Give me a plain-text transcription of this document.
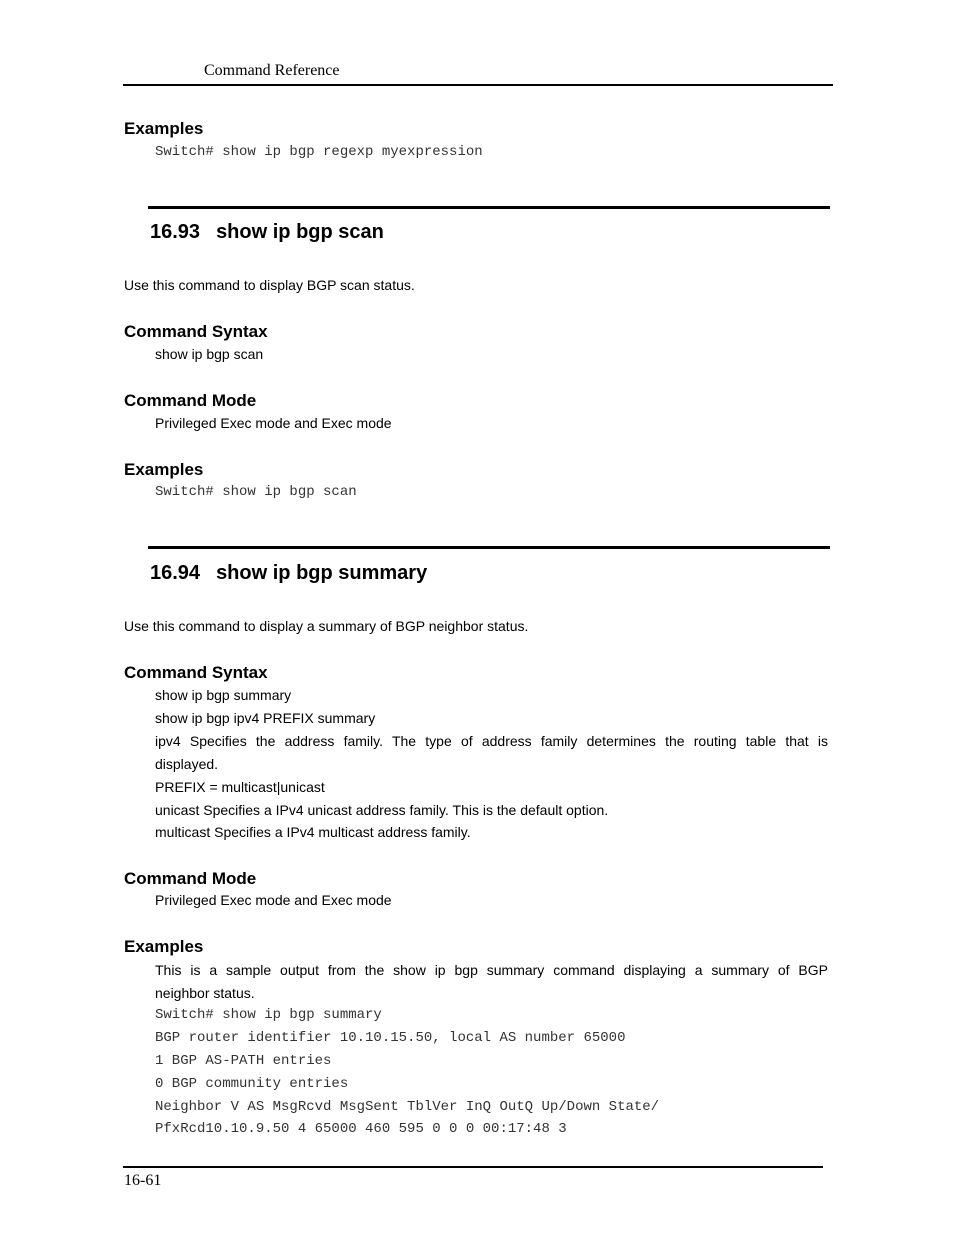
Command Reference
Examples
Switch# show ip bgp regexp myexpression
16.93 show ip bgp scan
Use this command to display BGP scan status.
Command Syntax
show ip bgp scan
Command Mode
Privileged Exec mode and Exec mode
Examples
Switch# show ip bgp scan
16.94 show ip bgp summary
Use this command to display a summary of BGP neighbor status.
Command Syntax
show ip bgp summary
show ip bgp ipv4 PREFIX summary
ipv4 Specifies the address family. The type of address family determines the routing table that is
displayed.
PREFIX = multicast|unicast
unicast Specifies a IPv4 unicast address family. This is the default option.
multicast Specifies a IPv4 multicast address family.
Command Mode
Privileged Exec mode and Exec mode
Examples
This is a sample output from the show ip bgp summary command displaying a summary of BGP
neighbor status.
Switch# show ip bgp summary
BGP router identifier 10.10.15.50, local AS number 65000
1 BGP AS-PATH entries
0 BGP community entries
Neighbor V AS MsgRcvd MsgSent TblVer InQ OutQ Up/Down State/
PfxRcd10.10.9.50 4 65000 460 595 0 0 0 00:17:48 3
16-61
